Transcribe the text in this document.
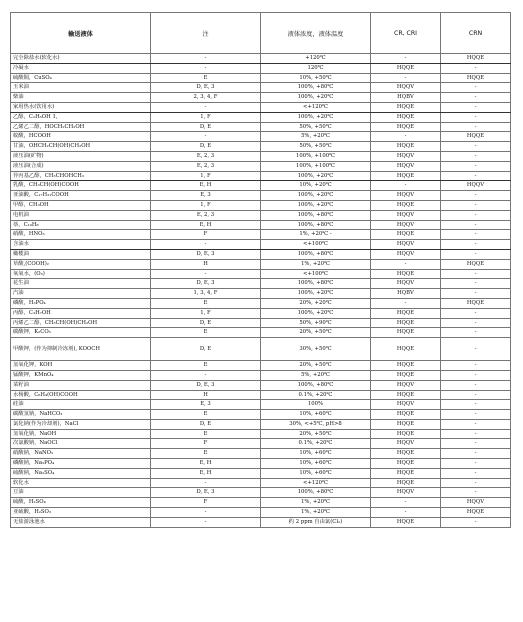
输送液体	注	液体浓度，液体温度	CR, CRI	CRN
完全除盐水(软化水)	-	+120℃	-	HQQE
冷凝水	-	120℃	HQQE	-
硫酸铜，CuSO₄	E	10%, +50℃	-	HQQE
玉米油	D, E, 3	100%, +80℃	HQQV	-
柴油	2, 3, 4, F	100%, +20℃	HQBV	-
家用热水(饮用水)	-	<+120℃	HQQE	-
乙醇，C₂H₅OH 1,	1, F	100%, +20℃	HQQE	-
乙烯乙二醇，HOCH₂CH₂OH	D, E	50%, +50℃	HQQE	-
蚁酸，HCOOH	-	5%, +20℃	-	HQQE
甘油，OHCH₂CH(OH)CH₂OH	D, E	50%, +50℃	HQQE	-
液压油(矿物)	E, 2, 3	100%, +100℃	HQQV	-
液压油(合成)	E, 2, 3	100%, +100℃	HQQV	-
异丙基乙醇，CH₃CHOHCH₃	1, F	100%, +20℃	HQQE	-
乳酸，CH₃CH(OH)COOH	E, H	10%, +20℃	-	HQQV
亚油酸，C₁₇H₃₁COOH	E, 3	100%, +20℃	HQQV	-
甲醇，CH₃OH	1, F	100%, +20℃	HQQE	-
电机油	E, 2, 3	100%, +80℃	HQQV	-
萘，C₁₀H₈	E, H	100%, +80℃	HQQV	-
硝酸，HNO₃	F	1%, +20℃ -	HQQE	-
含油水	-	<+100℃	HQQV	-
橄榄油	D, E, 3	100%, +80℃	HQQV	-
草酸,(COOH)₂	H	1%, +20℃	-	HQQE
氧氧水，(O₃)	-	<+100℃	HQQE	-
花生油	D, E, 3	100%, +80℃	HQQV	-
汽油	1, 3, 4, F	100%, +20℃	HQBV	-
磷酸，H₃PO₄	E	20%, +20℃	-	HQQE
丙醇，C₃H₇OH	1, F	100%, +20℃	HQQE	-
丙烯乙二醇，CH₃CH(OH)CH₂OH	D, E	50%, +90℃	HQQE	-
碳酸钾，K₂CO₃	E	20%, +50℃	HQQE	-
甲酸钾，(作为抑制冷冻剂), KOOCH	D, E	30%, +50℃	HQQE	-
氢氧化钾，KOH	E	20%, +50℃	HQQE	-
锰酸钾，KMnO₄	-	5%, +20℃	HQQE	-
菜籽油	D, E, 3	100%, +80℃	HQQV	-
水杨酸，C₆H₄(OH)COOH	H	0.1%, +20℃	HQQE	-
硅油	E, 3	100%	HQQV	-
碳酸氢钠，NaHCO₃	E	10%, +60℃	HQQE	-
氯化钠(作为冷却剂)，NaCl	D, E	30%, <+5℃, pH>8	HQQE	-
氢氧化钠，NaOH	E	20%, +50℃	HQQE	-
次氯酸钠，NaOCl	F	0.1%, +20℃	HQQV	-
硝酸钠，NaNO₃	E	10%, +60℃	HQQE	-
磷酸钠，Na₃PO₄	E, H	10%, +60℃	HQQE	-
硫酸钠，Na₂SO₄	E, H	10%, +60℃	HQQE	-
软化水	-	<+120℃	HQQE	-
豆油	D, E, 3	100%, +80℃	HQQV	-
硫酸，H₂SO₄	F	1%, +20℃	-	HQQV
亚硫酸，H₂SO₃	-	1%, +20℃	-	HQQE
无盐游泳池水	-	约 2 ppm 自由氯(Cl₂)	HQQE	-
